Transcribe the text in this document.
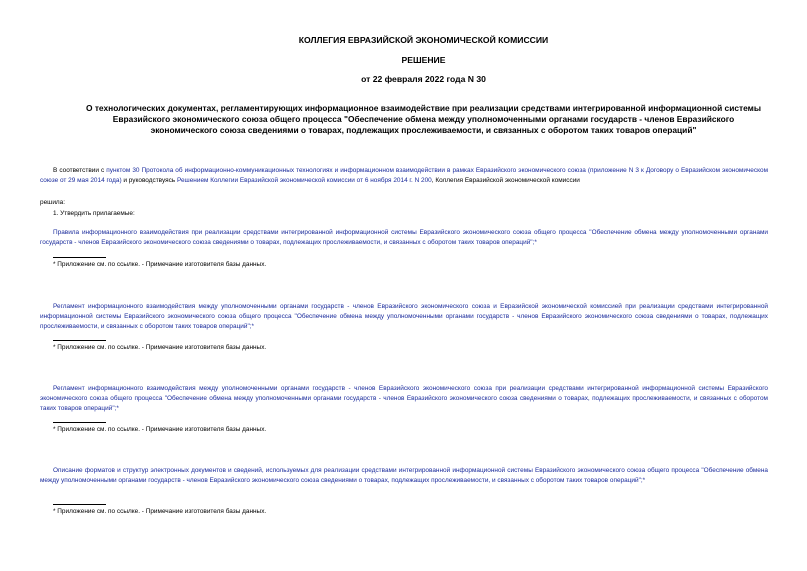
КОЛЛЕГИЯ ЕВРАЗИЙСКОЙ ЭКОНОМИЧЕСКОЙ КОМИССИИ
РЕШЕНИЕ
от 22 февраля 2022 года N 30
О технологических документах, регламентирующих информационное взаимодействие при реализации средствами интегрированной информационной системы
Евразийского экономического союза общего процесса "Обеспечение обмена между уполномоченными органами государств - членов Евразийского
экономического союза сведениями о товарах, подлежащих прослеживаемости, и связанных с оборотом таких товаров операций"
В соответствии с пунктом 30 Протокола об информационно-коммуникационных технологиях и информационном взаимодействии в рамках Евразийского экономического союза (приложение N 3 к Договору о Евразийском экономическом союзе от 29 мая 2014 года) и руководствуясь Решением Коллегии Евразийской экономической комиссии от 6 ноября 2014 г. N 200, Коллегия Евразийской экономической комиссии
решила:
1. Утвердить прилагаемые:
Правила информационного взаимодействия при реализации средствами интегрированной информационной системы Евразийского экономического союза общего процесса "Обеспечение обмена между уполномоченными органами государств - членов Евразийского экономического союза сведениями о товарах, подлежащих прослеживаемости, и связанных с оборотом таких товаров операций";*
* Приложение см. по ссылке. - Примечание изготовителя базы данных.
Регламент информационного взаимодействия между уполномоченными органами государств - членов Евразийского экономического союза и Евразийской экономической комиссией при реализации средствами интегрированной информационной системы Евразийского экономического союза общего процесса "Обеспечение обмена между уполномоченными органами государств - членов Евразийского экономического союза сведениями о товарах, подлежащих прослеживаемости, и связанных с оборотом таких товаров операций";*
* Приложение см. по ссылке. - Примечание изготовителя базы данных.
Регламент информационного взаимодействия между уполномоченными органами государств - членов Евразийского экономического союза при реализации средствами интегрированной информационной системы Евразийского экономического союза общего процесса "Обеспечение обмена между уполномоченными органами государств - членов Евразийского экономического союза сведениями о товарах, подлежащих прослеживаемости, и связанных с оборотом таких товаров операций";*
* Приложение см. по ссылке. - Примечание изготовителя базы данных.
Описание форматов и структур электронных документов и сведений, используемых для реализации средствами интегрированной информационной системы Евразийского экономического союза общего процесса "Обеспечение обмена между уполномоченными органами государств - членов Евразийского экономического союза сведениями о товарах, подлежащих прослеживаемости, и связанных с оборотом таких товаров операций";*
* Приложение см. по ссылке. - Примечание изготовителя базы данных.
